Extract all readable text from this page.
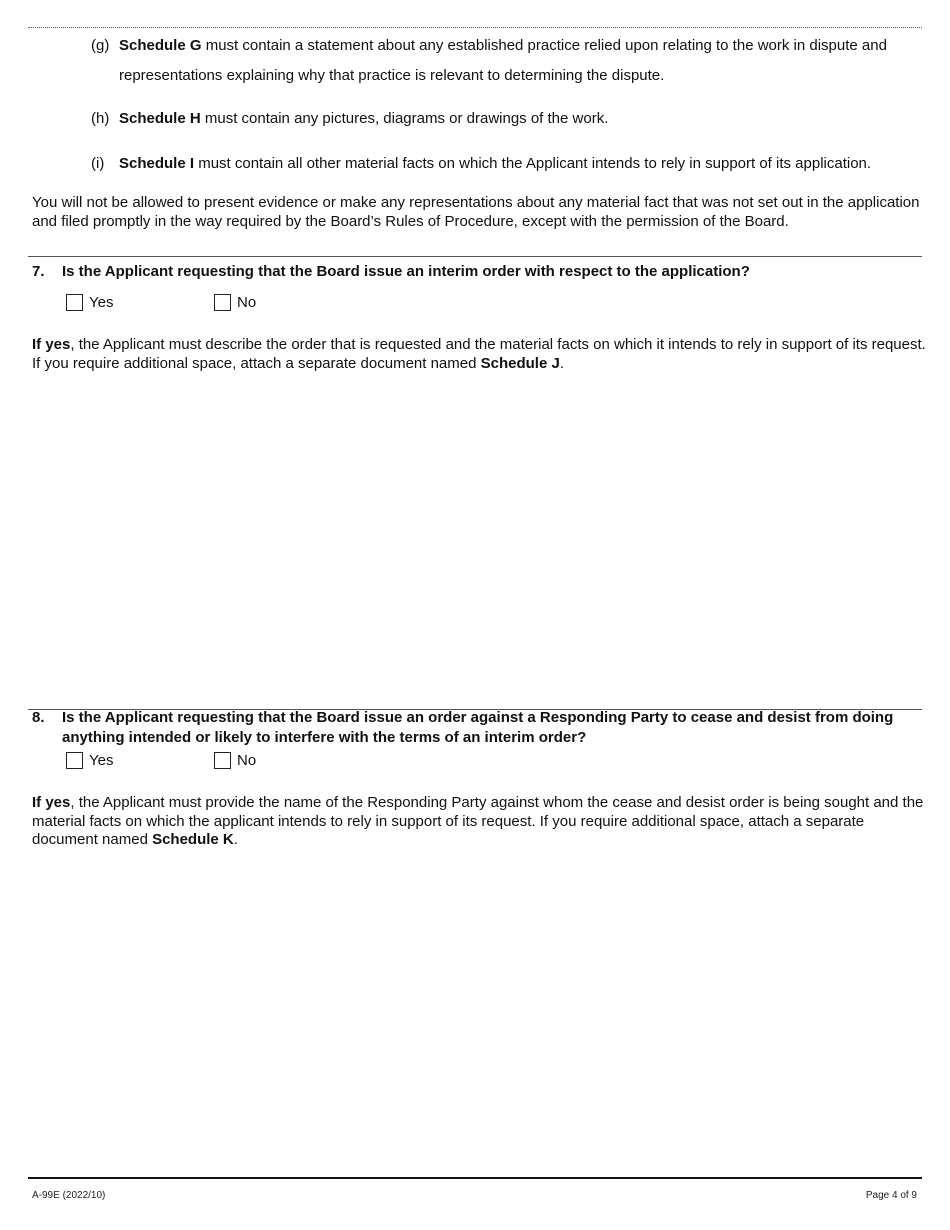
(g) Schedule G must contain a statement about any established practice relied upon relating to the work in dispute and representations explaining why that practice is relevant to determining the dispute.
(h) Schedule H must contain any pictures, diagrams or drawings of the work.
(i) Schedule I must contain all other material facts on which the Applicant intends to rely in support of its application.
You will not be allowed to present evidence or make any representations about any material fact that was not set out in the application and filed promptly in the way required by the Board’s Rules of Procedure, except with the permission of the Board.
7. Is the Applicant requesting that the Board issue an interim order with respect to the application?
Yes	No
If yes, the Applicant must describe the order that is requested and the material facts on which it intends to rely in support of its request. If you require additional space, attach a separate document named Schedule J.
8. Is the Applicant requesting that the Board issue an order against a Responding Party to cease and desist from doing anything intended or likely to interfere with the terms of an interim order?
Yes	No
If yes, the Applicant must provide the name of the Responding Party against whom the cease and desist order is being sought and the material facts on which the applicant intends to rely in support of its request. If you require additional space, attach a separate document named Schedule K.
A-99E (2022/10)	Page 4 of 9
